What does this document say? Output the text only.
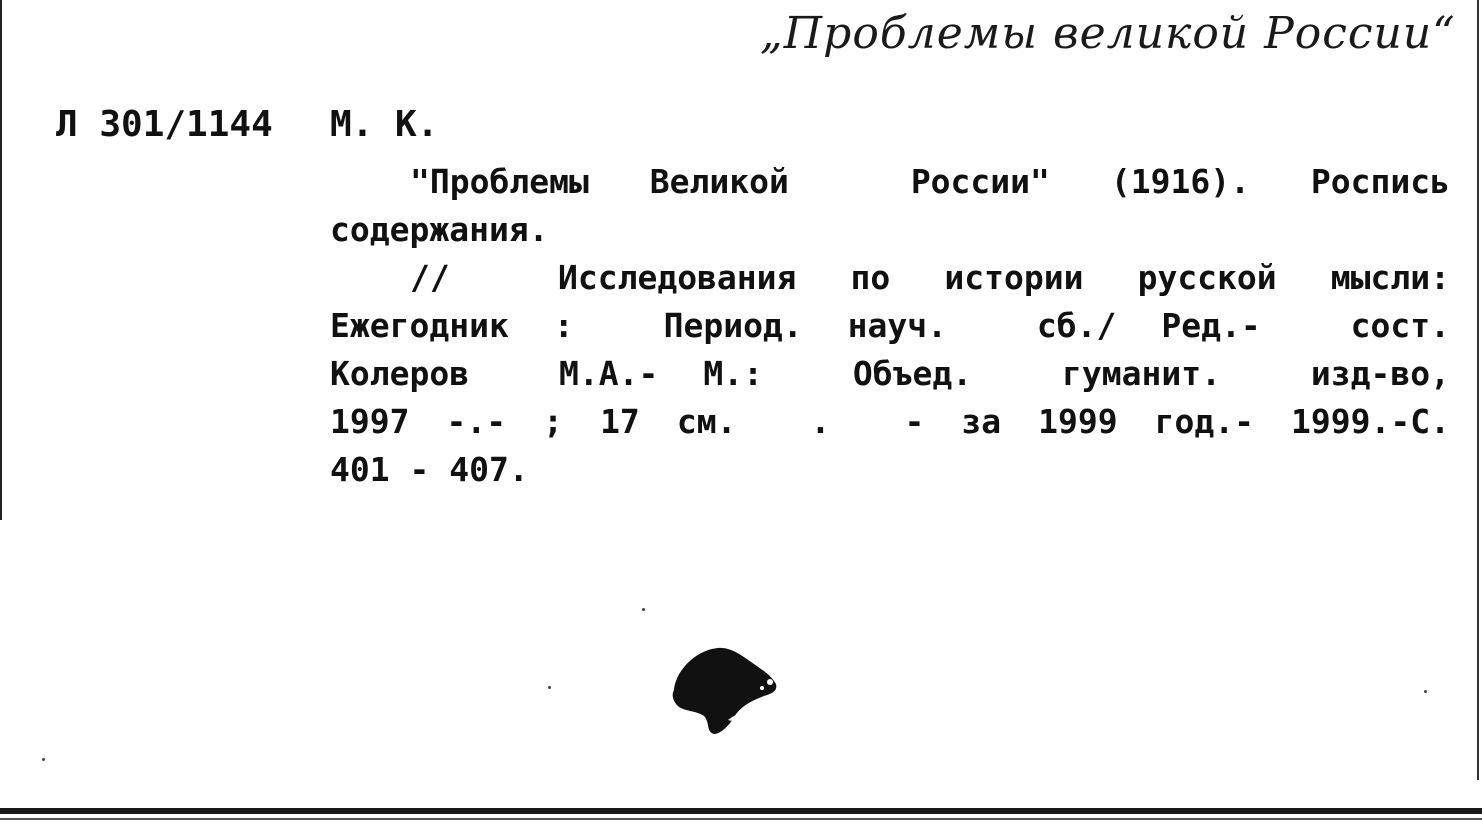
„Проблемы великой России“
Л 301/1144 М. К.
"Проблемы Великой  России" (1916). Роспись
содержания.
//  Исследования по истории русской мысли:
Ежегодник :  Период. науч.  сб./ Ред.-  сост.
Колеров  М.А.- М.:  Объед.  гуманит.  изд-во,
1997 -.- ; 17 см.  .  - за 1999 год.- 1999.-С.
401 - 407.
